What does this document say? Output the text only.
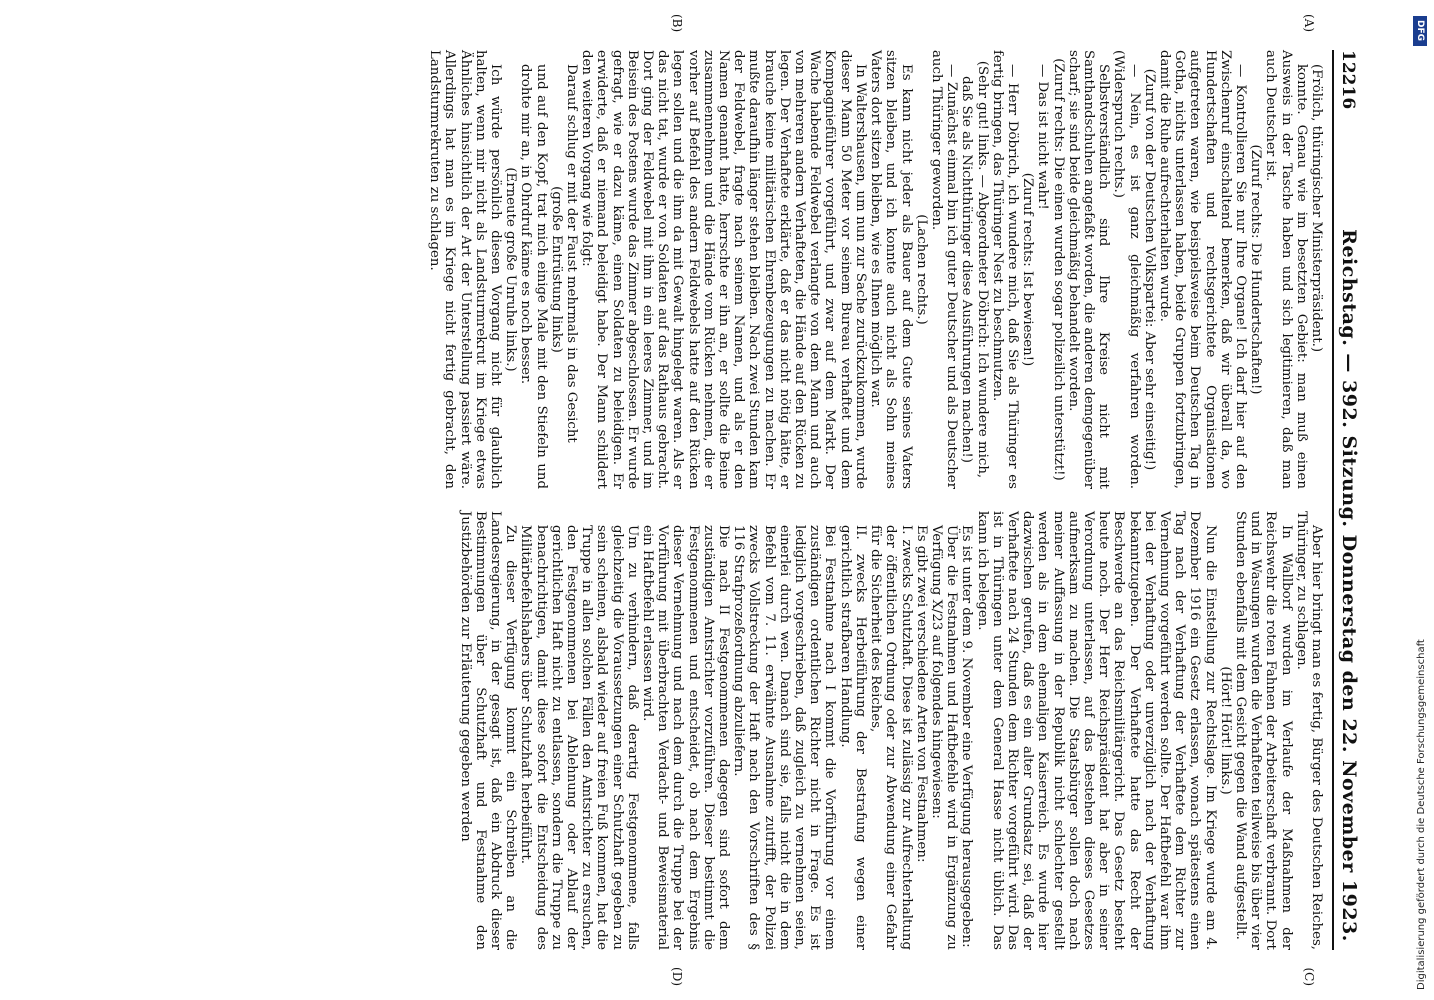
12216
Reichstag. — 392. Sitzung. Donnerstag den 22. November 1923.
(A)
(B)
(C)
(D)

(Frölich, thüringischer Ministerpräsident.)

konnte. Genau wie im besetzten Gebiet: man muß einen Ausweis in der Tasche haben und sich legitimieren, daß man auch Deutscher ist.

(Zuruf rechts: Die Hundertschaften!)

— Kontrollieren Sie nur Ihre Organe! Ich darf hier auf den Zwischenruf einschaltend bemerken, daß wir überall da, wo Hundertschaften und rechtsgerichtete Organisationen aufgetreten waren, wie beispielsweise beim Deutschen Tag in Gotha, nichts unterlassen haben, beide Gruppen fortzubringen, damit die Ruhe aufrechterhalten wurde.

(Zuruf von der Deutschen Volkspartei: Aber sehr einseitig!)

— Nein, es ist ganz gleichmäßig verfahren worden. (Widerspruch rechts.)

Selbstverständlich sind Ihre Kreise nicht mit Samthandschuhen angefaßt worden, die anderen demgegenüber scharf; sie sind beide gleichmäßig behandelt worden.

(Zuruf rechts: Die einen wurden sogar polizeilich unterstützt!)

— Das ist nicht wahr!

(Zuruf rechts: Ist bewiesen!)

— Herr Döbrich, ich wundere mich, daß Sie als Thüringer es fertig bringen, das Thüringer Nest zu beschmutzen.

(Sehr gut! links. — Abgeordneter Döbrich: Ich wundere mich, daß Sie als Nichtthüringer diese Ausführungen machen!)

— Zunächst einmal bin ich guter Deutscher und als Deutscher auch Thüringer geworden.

(Lachen rechts.)

Es kann nicht jeder als Bauer auf dem Gute seines Vaters sitzen bleiben, und ich konnte auch nicht als Sohn meines Vaters dort sitzen bleiben, wie es Ihnen möglich war.

In Waltershausen, um nun zur Sache zurückzukommen, wurde dieser Mann 50 Meter vor seinem Bureau verhaftet und dem Kompagnieführer vorgeführt, und zwar auf dem Markt. Der Wache habende Feldwebel verlangte von dem Mann und auch von mehreren andern Verhafteten, die Hände auf den Rücken zu legen. Der Verhaftete erklärte, daß er das nicht nötig hätte, er brauche keine militärischen Ehrenbezeugungen zu machen. Er mußte daraufhin länger stehen bleiben. Nach zwei Stunden kam der Feldwebel, fragte nach seinem Namen, und als er den Namen genannt hatte, herrschte er ihn an, er sollte die Beine zusammennehmen und die Hände vom Rücken nehmen, die er vorher auf Befehl des andern Feldwebels hatte auf den Rücken legen sollen und die ihm da mit Gewalt hingelegt waren. Als er das nicht tat, wurde er von Soldaten auf das Rathaus gebracht. Dort ging der Feldwebel mit ihm in ein leeres Zimmer, und im Beisein des Postens wurde das Zimmer abgeschlossen. Er wurde gefragt, wie er dazu käme, einen Soldaten zu beleidigen. Er erwiderte, daß er niemand beleidigt habe. Der Mann schildert den weiteren Vorgang wie folgt:

Darauf schlug er mit der Faust mehrmals in das Gesicht

(große Entrüstung links)

und auf den Kopf, trat mich einige Male mit den Stiefeln und drohte mir an, in Ohrdruf käme es noch besser.

(Erneute große Unruhe links.)

Ich würde persönlich diesen Vorgang nicht für glaublich halten, wenn mir nicht als Landsturmrekrut im Kriege etwas Ähnliches hinsichtlich der Art der Unterstellung passiert wäre. Allerdings hat man es im Kriege nicht fertig gebracht, den Landsturmrekruten zu schlagen.

Aber hier bringt man es fertig, Bürger des Deutschen Reiches, Thüringer, zu schlagen.

In Wallborf wurden im Verlaufe der Maßnahmen der Reichswehr die roten Fahnen der Arbeiterschaft verbrannt. Dort und in Wasungen wurden die Verhafteten teilweise bis über vier Stunden ebenfalls mit dem Gesicht gegen die Wand aufgestellt.

(Hört! Hört! links.)

Nun die Einstellung zur Rechtslage. Im Kriege wurde am 4. Dezember 1916 ein Gesetz erlassen, wonach spätestens einen Tag nach der Verhaftung der Verhaftete dem Richter zur Vernehmung vorgeführt werden sollte. Der Haftbefehl war ihm bei der Verhaftung oder unverzüglich nach der Verhaftung bekanntzugeben. Der Verhaftete hatte das Recht der Beschwerde an das Reichsmilitärgericht. Das Gesetz besteht heute noch. Der Herr Reichspräsident hat aber in seiner Verordnung unterlassen, auf das Bestehen dieses Gesetzes aufmerksam zu machen. Die Staatsbürger sollen doch nach meiner Auffassung in der Republik nicht schlechter gestellt werden als in dem ehemaligen Kaiserreich. Es wurde hier dazwischen gerufen, daß es ein alter Grundsatz sei, daß der Verhaftete nach 24 Stunden dem Richter vorgeführt wird. Das ist in Thüringen unter dem General Hasse nicht üblich. Das kann ich belegen.

Es ist unter dem 9. November eine Verfügung herausgegeben:

Über die Festnahmen und Haftbefehle wird in Ergänzung zu Verfügung X/23 auf folgendes hingewiesen:

Es gibt zwei verschiedene Arten von Festnahmen:

I. zwecks Schutzhaft. Diese ist zulässig zur Aufrechterhaltung der öffentlichen Ordnung oder zur Abwendung einer Gefahr für die Sicherheit des Reiches,

II. zwecks Herbeiführung der Bestrafung wegen einer gerichtlich strafbaren Handlung.

Bei Festnahme nach I kommt die Vorführung vor einem zuständigen ordentlichen Richter nicht in Frage. Es ist lediglich vorgeschrieben, daß zugleich zu vernehmen seien, einerlei durch wen. Danach sind sie, falls nicht die in dem Befehl vom 7. 11. erwähnte Ausnahme zutrifft, der Polizei zwecks Vollstreckung der Haft nach den Vorschriften des § 116 Strafprozeßordnung abzuliefern.

Die nach II Festgenommenen dagegen sind sofort dem zuständigen Amtsrichter vorzuführen. Dieser bestimmt die Festgenommenen und entscheidet, ob nach dem Ergebnis dieser Vernehmung und nach dem durch die Truppe bei der Vorführung mit überbrachten Verdacht- und Beweismaterial ein Haftbefehl erlassen wird.

Um zu verhindern, daß derartig Festgenommene, falls gleichzeitig die Voraussetzungen einer Schutzhaft gegeben zu sein scheinen, alsbald wieder auf freien Fuß kommen, hat die Truppe in allen solchen Fällen den Amtsrichter zu ersuchen, den Festgenommenen bei Ablehnung oder Ablauf der gerichtlichen Haft nicht zu entlassen, sondern die Truppe zu benachrichtigen, damit diese sofort die Entscheidung des Militärbefehlshabers über Schutzhaft herbeiführt.

Zu dieser Verfügung kommt ein Schreiben an die Landesregierung, in der gesagt ist, daß ein Abdruck dieser Bestimmungen über Schutzhaft und Festnahme den Justizbehörden zur Erläuterung gegeben werden

DFG
Digitalisierung gefördert durch die Deutsche Forschungsgemeinschaft
